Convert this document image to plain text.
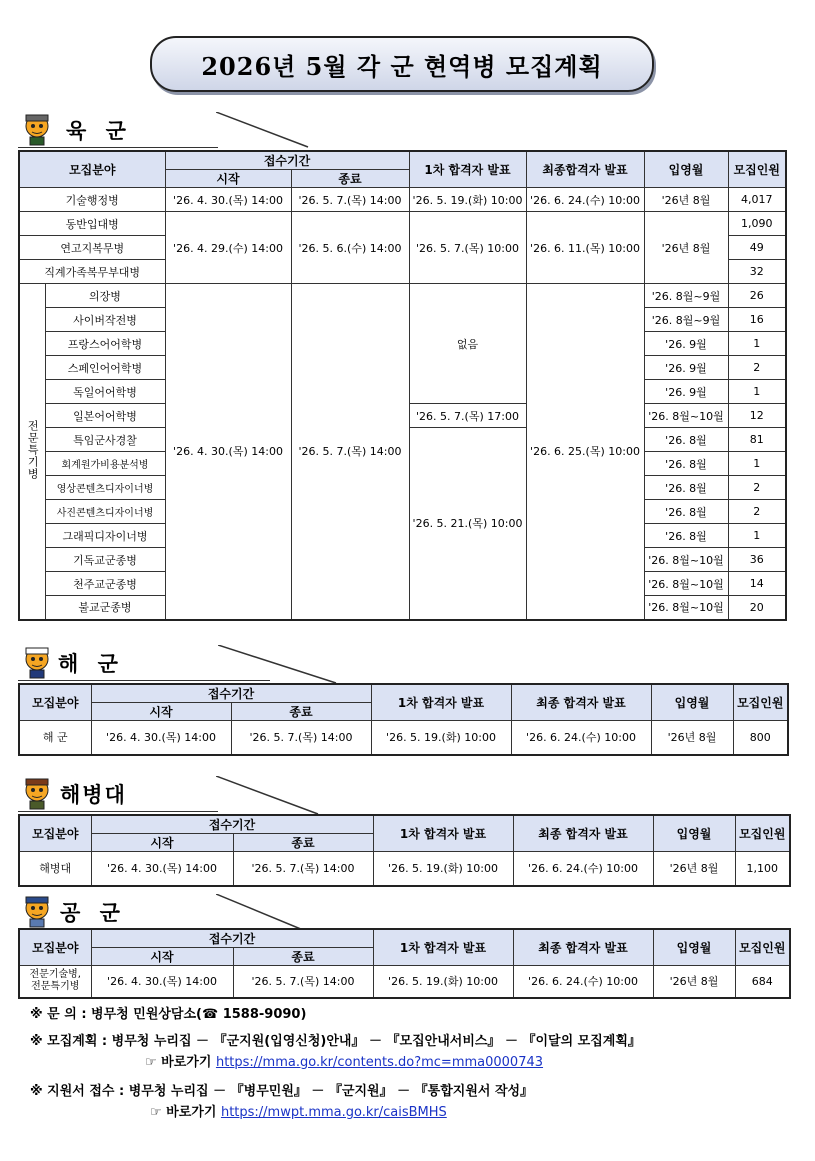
2026년 5월 각 군 현역병 모집계획
육 군
모집분야		접수기간		1차 합격자 발표	최종합격자 발표	입영월	모집인원
		시작	종료				
기술행정병		'26. 4. 30.(목) 14:00	'26. 5. 7.(목) 14:00	'26. 5. 19.(화) 10:00	'26. 6. 24.(수) 10:00	'26년 8월	4,017
동반입대병		'26. 4. 29.(수) 14:00	'26. 5. 6.(수) 14:00	'26. 5. 7.(목) 10:00	'26. 6. 11.(목) 10:00	'26년 8월	1,090
연고지복무병							49
직계가족복무부대병							32
전문특기병	의장병	'26. 4. 30.(목) 14:00	'26. 5. 7.(목) 14:00	없음	'26. 6. 25.(목) 10:00	'26. 8월~9월	26
	사이버작전병					'26. 8월~9월	16
	프랑스어어학병					'26. 9월	1
	스페인어어학병					'26. 9월	2
	독일어어학병					'26. 9월	1
	일본어어학병			'26. 5. 7.(목) 17:00		'26. 8월~10월	12
	특임군사경찰			'26. 5. 21.(목) 10:00		'26. 8월	81
	회계원가비용분석병					'26. 8월	1
	영상콘텐츠디자이너병					'26. 8월	2
	사진콘텐츠디자이너병					'26. 8월	2
	그래픽디자이너병					'26. 8월	1
	기독교군종병					'26. 8월~10월	36
	천주교군종병					'26. 8월~10월	14
	불교군종병					'26. 8월~10월	20
해 군
모집분야	접수기간		1차 합격자 발표	최종 합격자 발표	입영월	모집인원
	시작	종료				
해 군	'26. 4. 30.(목) 14:00	'26. 5. 7.(목) 14:00	'26. 5. 19.(화) 10:00	'26. 6. 24.(수) 10:00	'26년 8월	800
해병대
모집분야	접수기간		1차 합격자 발표	최종 합격자 발표	입영월	모집인원
	시작	종료				
해병대	'26. 4. 30.(목) 14:00	'26. 5. 7.(목) 14:00	'26. 5. 19.(화) 10:00	'26. 6. 24.(수) 10:00	'26년 8월	1,100
공 군
모집분야	접수기간		1차 합격자 발표	최종 합격자 발표	입영월	모집인원
	시작	종료				
전문기술병,
전문특기병	'26. 4. 30.(목) 14:00	'26. 5. 7.(목) 14:00	'26. 5. 19.(화) 10:00	'26. 6. 24.(수) 10:00	'26년 8월	684
※ 문 의 : 병무청 민원상담소(☎ 1588-9090)
※ 모집계획 : 병무청 누리집 － 『군지원(입영신청)안내』 － 『모집안내서비스』 － 『이달의 모집계획』
☞ 바로가기 https://mma.go.kr/contents.do?mc=mma0000743
※ 지원서 접수 : 병무청 누리집 － 『병무민원』 － 『군지원』 － 『통합지원서 작성』
☞ 바로가기 https://mwpt.mma.go.kr/caisBMHS
